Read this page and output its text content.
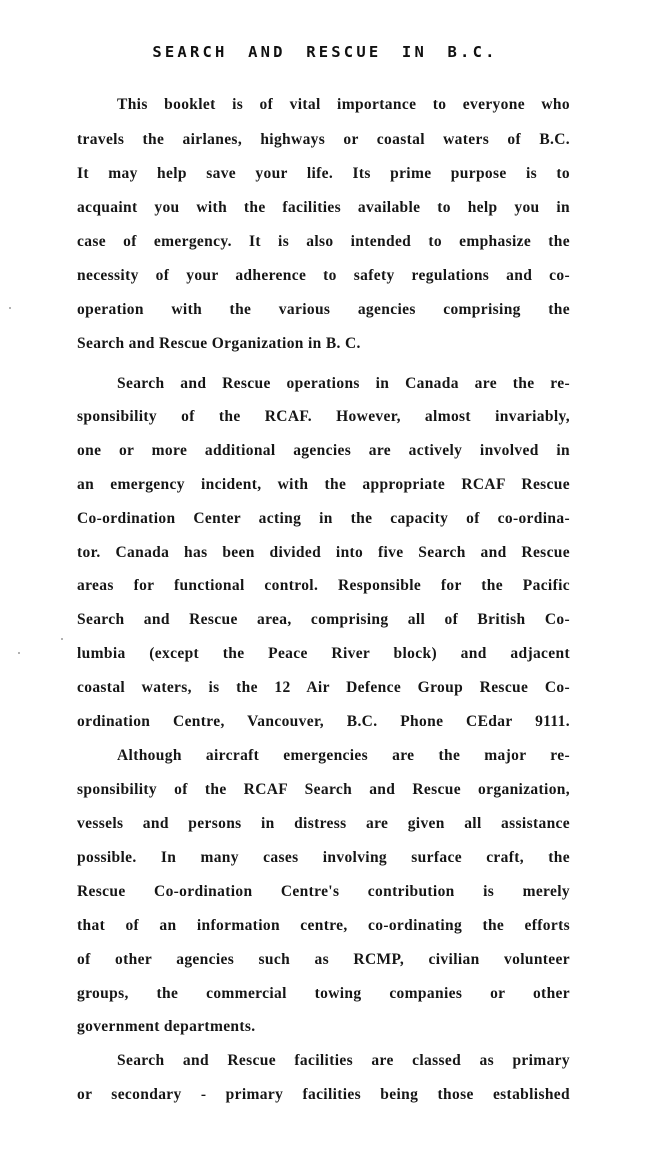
SEARCH AND RESCUE IN B.C.
This booklet is of vital importance to everyone who
travels the airlanes, highways or coastal waters of B.C.
It may help save your life. Its prime purpose is to
acquaint you with the facilities available to help you in
case of emergency. It is also intended to emphasize the
necessity of your adherence to safety regulations and co-
operation with the various agencies comprising the
Search and Rescue Organization in B. C.
Search and Rescue operations in Canada are the re-
sponsibility of the RCAF. However, almost invariably,
one or more additional agencies are actively involved in
an emergency incident, with the appropriate RCAF Rescue
Co-ordination Center acting in the capacity of co-ordina-
tor. Canada has been divided into five Search and Rescue
areas for functional control. Responsible for the Pacific
Search and Rescue area, comprising all of British Co-
lumbia (except the Peace River block) and adjacent
coastal waters, is the 12 Air Defence Group Rescue Co-
ordination Centre, Vancouver, B.C. Phone CEdar 9111.
Although aircraft emergencies are the major re-
sponsibility of the RCAF Search and Rescue organization,
vessels and persons in distress are given all assistance
possible. In many cases involving surface craft, the
Rescue Co-ordination Centre's contribution is merely
that of an information centre, co-ordinating the efforts
of other agencies such as RCMP, civilian volunteer
groups, the commercial towing companies or other
government departments.
Search and Rescue facilities are classed as primary
or secondary - primary facilities being those established
